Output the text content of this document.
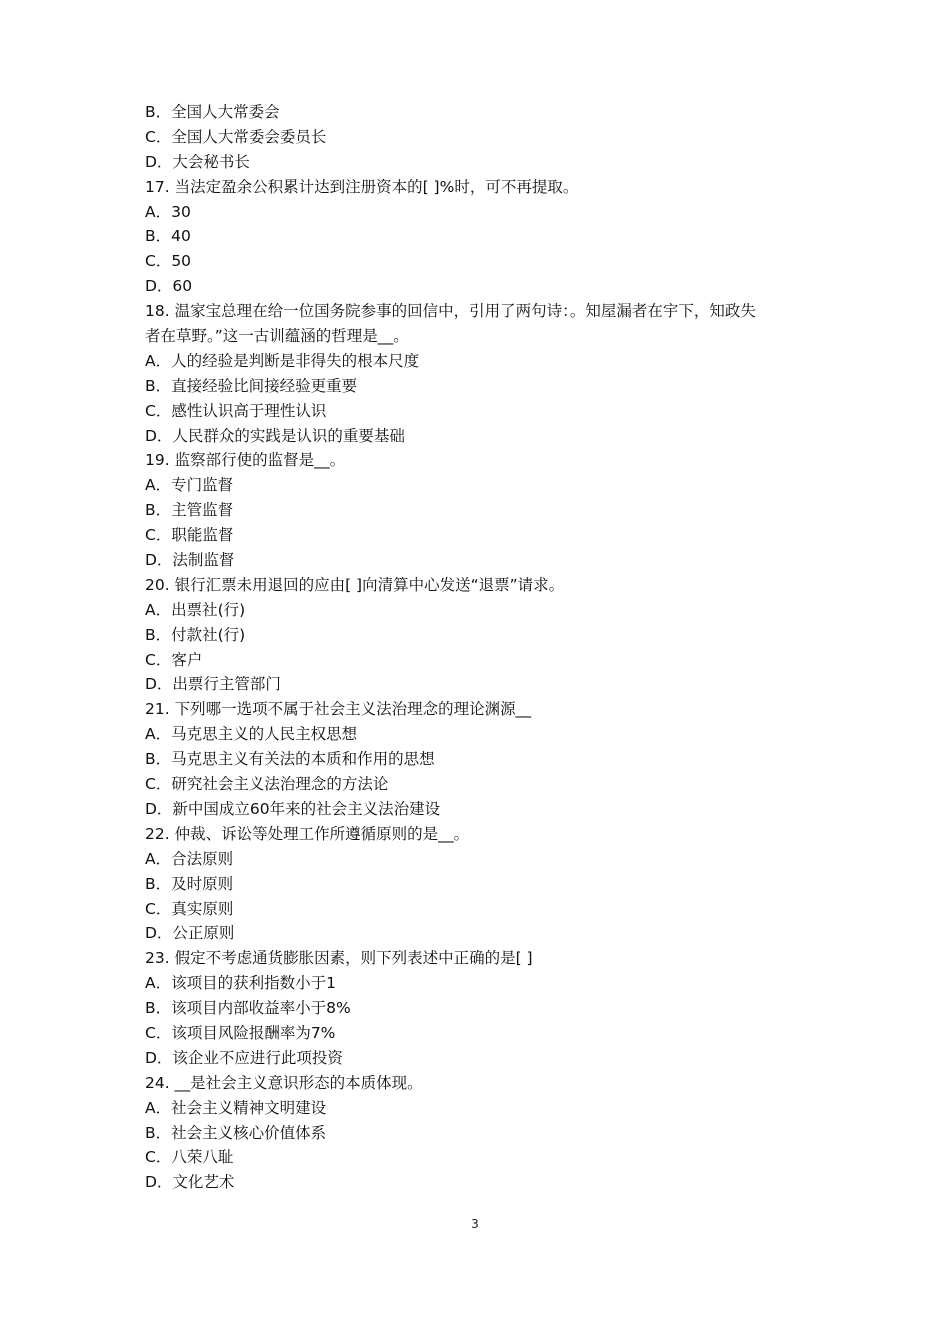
B．全国人大常委会
C．全国人大常委会委员长
D．大会秘书长
17. 当法定盈余公积累计达到注册资本的[ ]%时，可不再提取。
A．30
B．40
C．50
D．60
18. 温家宝总理在给一位国务院参事的回信中，引用了两句诗：。知屋漏者在宇下，知政失
者在草野。”这一古训蕴涵的哲理是__。
A．人的经验是判断是非得失的根本尺度
B．直接经验比间接经验更重要
C．感性认识高于理性认识
D．人民群众的实践是认识的重要基础
19. 监察部行使的监督是__。
A．专门监督
B．主管监督
C．职能监督
D．法制监督
20. 银行汇票未用退回的应由[ ]向清算中心发送“退票”请求。
A．出票社(行)
B．付款社(行)
C．客户
D．出票行主管部门
21. 下列哪一选项不属于社会主义法治理念的理论渊源__
A．马克思主义的人民主权思想
B．马克思主义有关法的本质和作用的思想
C．研究社会主义法治理念的方法论
D．新中国成立60年来的社会主义法治建设
22. 仲裁、诉讼等处理工作所遵循原则的是__。
A．合法原则
B．及时原则
C．真实原则
D．公正原则
23. 假定不考虑通货膨胀因素，则下列表述中正确的是[ ]
A．该项目的获利指数小于1
B．该项目内部收益率小于8%
C．该项目风险报酬率为7%
D．该企业不应进行此项投资
24. __是社会主义意识形态的本质体现。
A．社会主义精神文明建设
B．社会主义核心价值体系
C．八荣八耻
D．文化艺术
3
